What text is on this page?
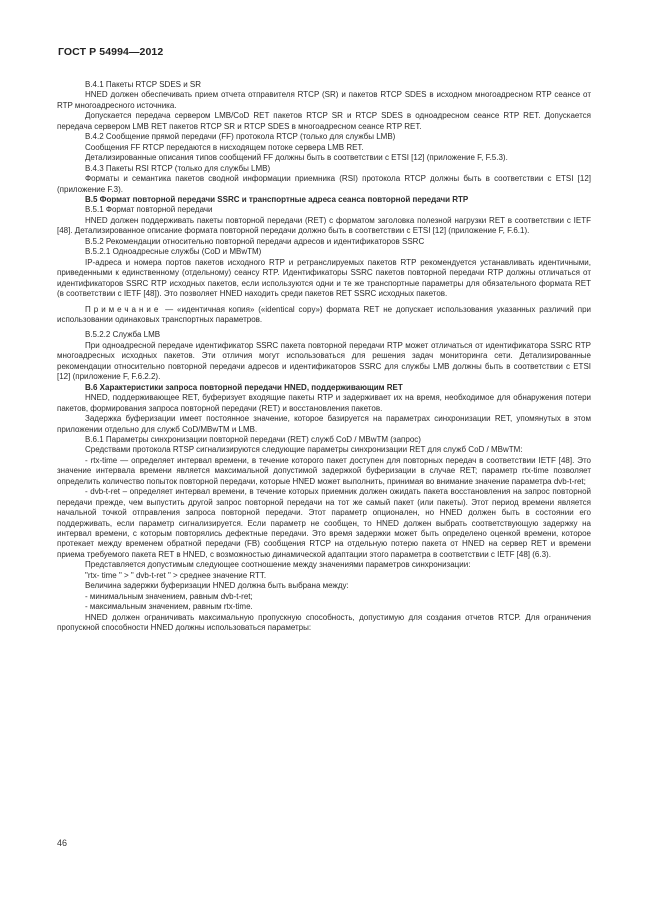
ГОСТ Р 54994—2012

В.4.1 Пакеты RTCP SDES и SR

HNED должен обеспечивать прием отчета отправителя RTCP (SR) и пакетов RTCP SDES в исходном многоадресном RTP сеансе от RTP многоадресного источника.

Допускается передача сервером LMB/CoD RET пакетов RTCP SR и RTCP SDES в одноадресном сеансе RTP RET. Допускается передача сервером LMB RET пакетов RTCP SR и RTCP SDES в многоадресном сеансе RTP RET.

В.4.2 Сообщение прямой передачи (FF) протокола RTCP (только для службы LMB)

Сообщения FF RTCP передаются в нисходящем потоке сервера LMB RET.

Детализированные описания типов сообщений FF должны быть в соответствии с ETSI [12] (приложение F, F.5.3).

В.4.3 Пакеты RSI RTCP (только для службы LMB)

Форматы и семантика пакетов сводной информации приемника (RSI) протокола RTCP должны быть в соответствии с ETSI [12] (приложение F.3).

В.5 Формат повторной передачи SSRC и транспортные адреса сеанса повторной передачи RTP

В.5.1 Формат повторной передачи

HNED должен поддерживать пакеты повторной передачи (RET) с форматом заголовка полезной нагрузки RET в соответствии с IETF [48]. Детализированное описание формата повторной передачи должно быть в соответствии с ETSI [12] (приложение F, F.6.1).

В.5.2 Рекомендации относительно повторной передачи адресов и идентификаторов SSRC

В.5.2.1 Одноадресные службы (CoD и MBwTM)

IP-адреса и номера портов пакетов исходного RTP и ретранслируемых пакетов RTP рекомендуется устанавливать идентичными, приведенными к единственному (отдельному) сеансу RTP. Идентификаторы SSRC пакетов повторной передачи RTP должны отличаться от идентификаторов SSRC RTP исходных пакетов, если используются одни и те же транспортные параметры для обязательного формата RET (в соответствии с IETF [48]). Это позволяет HNED находить среди пакетов RET SSRC исходных пакетов.

Примечание — «идентичная копия» («identical copy») формата RET не допускает использования указанных различий при использовании одинаковых транспортных параметров.

В.5.2.2 Служба LMB

При одноадресной передаче идентификатор SSRC пакета повторной передачи RTP может отличаться от идентификатора SSRC RTP многоадресных исходных пакетов. Эти отличия могут использоваться для решения задач мониторинга сети. Детализированные рекомендации относительно повторной передачи адресов и идентификаторов SSRC для службы LMB должны быть в соответствии с ETSI [12] (приложение F, F.6.2.2).

В.6 Характеристики запроса повторной передачи HNED, поддерживающим RET

HNED, поддерживающее RET, буферизует входящие пакеты RTP и задерживает их на время, необходимое для обнаружения потери пакетов, формирования запроса повторной передачи (RET) и восстановления пакетов.

Задержка буферизации имеет постоянное значение, которое базируется на параметрах синхронизации RET, упомянутых в этом приложении отдельно для служб CoD/MBwTM и LMB.

В.6.1 Параметры синхронизации повторной передачи (RET) служб CoD / MBwTM (запрос)

Средствами протокола RTSP сигнализируются следующие параметры синхронизации RET для служб CoD / MBwTM:

- rtx-time — определяет интервал времени, в течение которого пакет доступен для повторных передач в соответствии IETF [48]. Это значение интервала времени является максимальной допустимой задержкой буферизации в случае RET; параметр rtx-time позволяет определить количество попыток повторной передачи, которые HNED может выполнить, принимая во внимание значение параметра dvb-t-ret;

- dvb-t-ret – определяет интервал времени, в течение которых приемник должен ожидать пакета восстановления на запрос повторной передачи прежде, чем выпустить другой запрос повторной передачи на тот же самый пакет (или пакеты). Этот период времени является начальной точкой отправления запроса повторной передачи. Этот параметр опционален, но HNED должен быть в состоянии его поддерживать, если параметр сигнализируется. Если параметр не сообщен, то HNED должен выбрать соответствующую задержку на интервал времени, с которым повторялись дефектные передачи. Это время задержки может быть определено оценкой времени, которое протекает между временем обратной передачи (FB) сообщения RTCP на отдельную потерю пакета от HNED на сервер RET и времени приема требуемого пакета RET в HNED, с возможностью динамической адаптации этого параметра в соответствии с IETF [48] (6.3).

Представляется допустимым следующее соотношение между значениями параметров синхронизации:

"rtx- time " > " dvb-t-ret " > среднее значение RTT.

Величина задержки буферизации HNED должна быть выбрана между:

- минимальным значением, равным dvb-t-ret;

- максимальным значением, равным rtx-time.

HNED должен ограничивать максимальную пропускную способность, допустимую для создания отчетов RTCP. Для ограничения пропускной способности HNED должны использоваться параметры:

46
